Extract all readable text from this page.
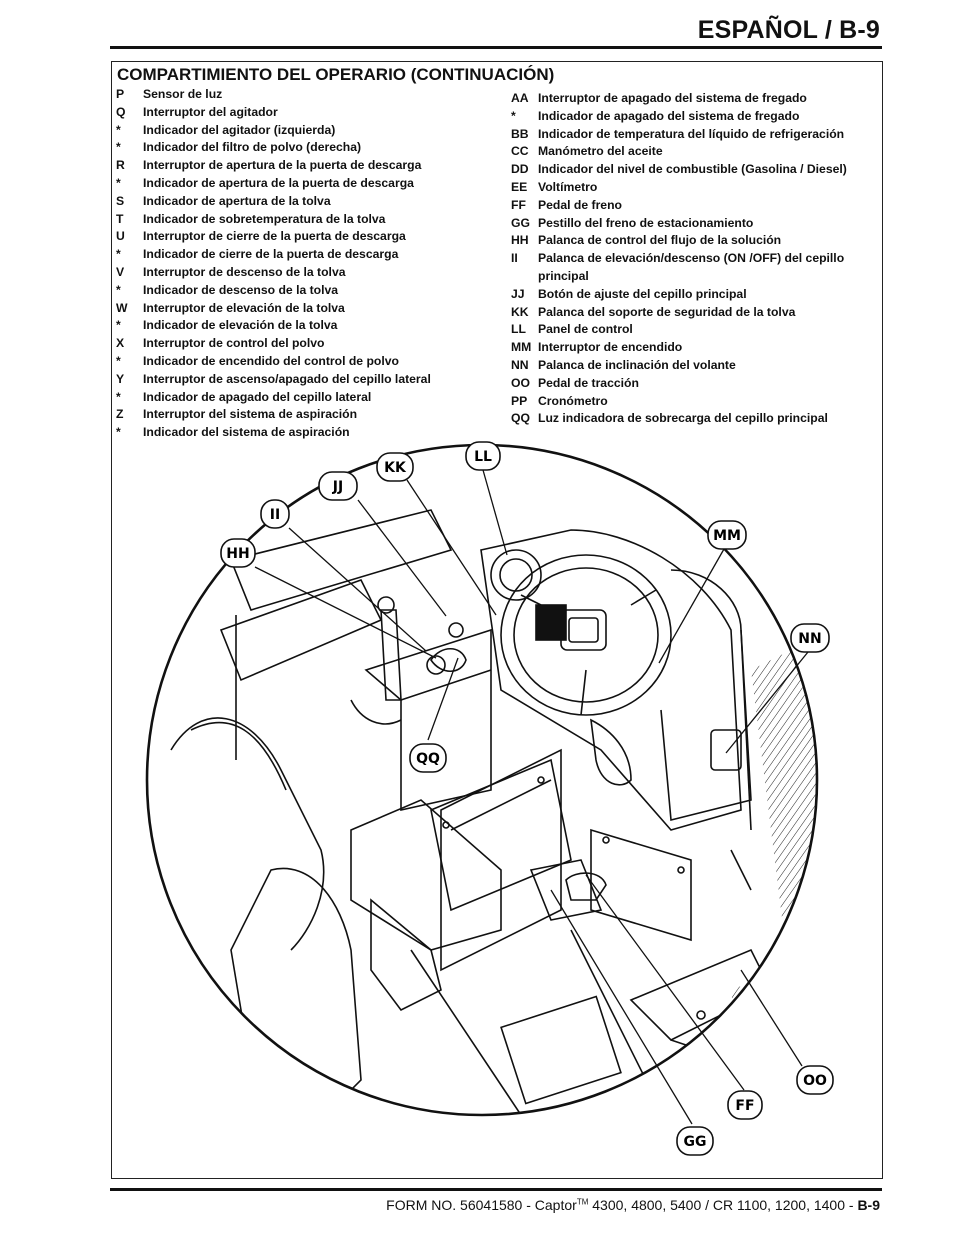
ESPAÑOL / B-9
COMPARTIMIENTO DEL OPERARIO (CONTINUACIÓN)
P	Sensor de luz
Q	Interruptor del agitador
*	Indicador del agitador (izquierda)
*	Indicador del filtro de polvo (derecha)
R	Interruptor de apertura de la puerta de descarga
*	Indicador de apertura de la puerta de descarga
S	Indicador de apertura de la tolva
T	Indicador de sobretemperatura de la tolva
U	Interruptor de cierre de la puerta de descarga
*	Indicador de cierre de la puerta de descarga
V	Interruptor de descenso de la tolva
*	Indicador de descenso de la tolva
W	Interruptor de elevación de la tolva
*	Indicador de elevación de la tolva
X	Interruptor de control del polvo
*	Indicador de encendido del control de polvo
Y	Interruptor de ascenso/apagado del cepillo lateral
*	Indicador de apagado del cepillo lateral
Z	Interruptor del sistema de aspiración
*	Indicador del sistema de aspiración
AA Interruptor de apagado del sistema de fregado
*	Indicador de apagado del sistema de fregado
BB Indicador de temperatura del líquido de refrigeración
CC Manómetro del aceite
DD Indicador del nivel de combustible (Gasolina / Diesel)
EE Voltímetro
FF Pedal de freno
GG Pestillo del freno de estacionamiento
HH Palanca de control del flujo de la solución
II	Palanca de elevación/descenso (ON /OFF) del cepillo principal
JJ	Botón de ajuste del cepillo principal
KK Palanca del soporte de seguridad de la tolva
LL Panel de control
MM Interruptor de encendido
NN Palanca de inclinación del volante
OO Pedal de tracción
PP Cronómetro
QQ Luz indicadora de sobrecarga del cepillo principal
HH
II
JJ
KK
LL
MM
NN
QQ
OO
FF
GG
FORM NO. 56041580 - Captor™ 4300, 4800, 5400 / CR 1100, 1200, 1400 - B-9
